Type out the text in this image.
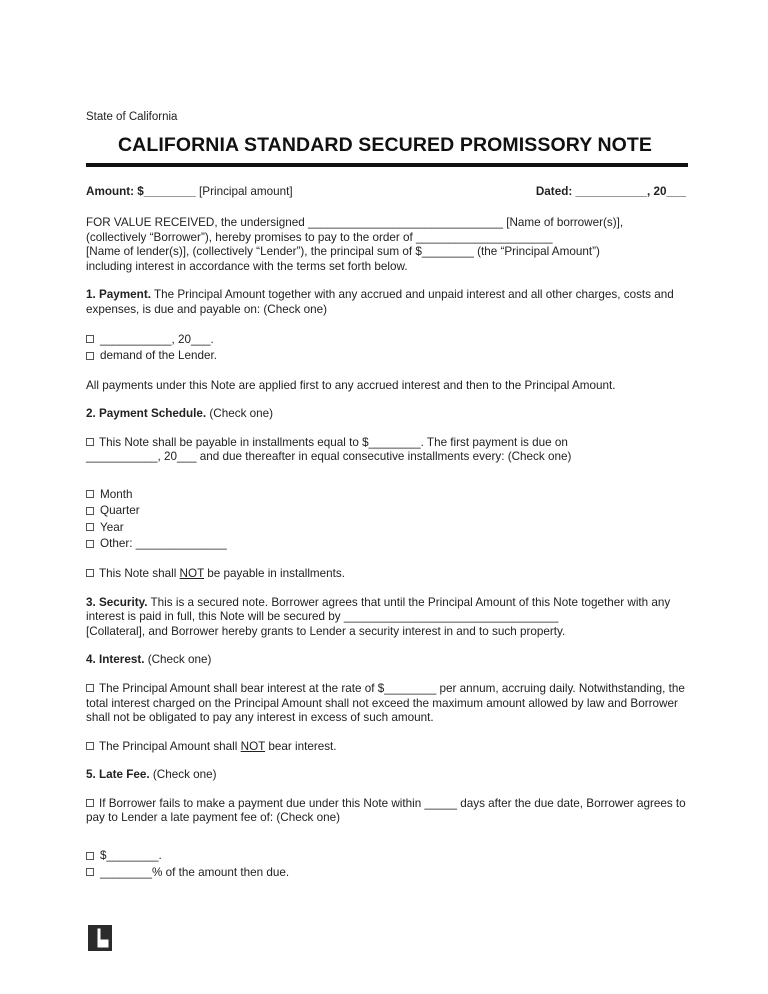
State of California
CALIFORNIA STANDARD SECURED PROMISSORY NOTE
Amount: $________ [Principal amount]	Dated: ___________, 20___

FOR VALUE RECEIVED, the undersigned ______________________________ [Name of borrower(s)],
(collectively “Borrower”), hereby promises to pay to the order of _____________________
[Name of lender(s)], (collectively “Lender”), the principal sum of $________ (the “Principal Amount”)
including interest in accordance with the terms set forth below.

1. Payment. The Principal Amount together with any accrued and unpaid interest and all other charges, costs and expenses, is due and payable on: (Check one)

___________, 20___.
demand of the Lender.

All payments under this Note are applied first to any accrued interest and then to the Principal Amount.

2. Payment Schedule. (Check one)

This Note shall be payable in installments equal to $________. The first payment is due on
___________, 20___ and due thereafter in equal consecutive installments every: (Check one)

Month
Quarter
Year
Other: ______________

This Note shall NOT be payable in installments.

3. Security. This is a secured note. Borrower agrees that until the Principal Amount of this Note together with any interest is paid in full, this Note will be secured by _________________________________
[Collateral], and Borrower hereby grants to Lender a security interest in and to such property.

4. Interest. (Check one)

The Principal Amount shall bear interest at the rate of $________ per annum, accruing daily. Notwithstanding, the total interest charged on the Principal Amount shall not exceed the maximum amount allowed by law and Borrower shall not be obligated to pay any interest in excess of such amount.

The Principal Amount shall NOT bear interest.

5. Late Fee. (Check one)

If Borrower fails to make a payment due under this Note within _____ days after the due date, Borrower agrees to pay to Lender a late payment fee of: (Check one)

$________.
________% of the amount then due.
